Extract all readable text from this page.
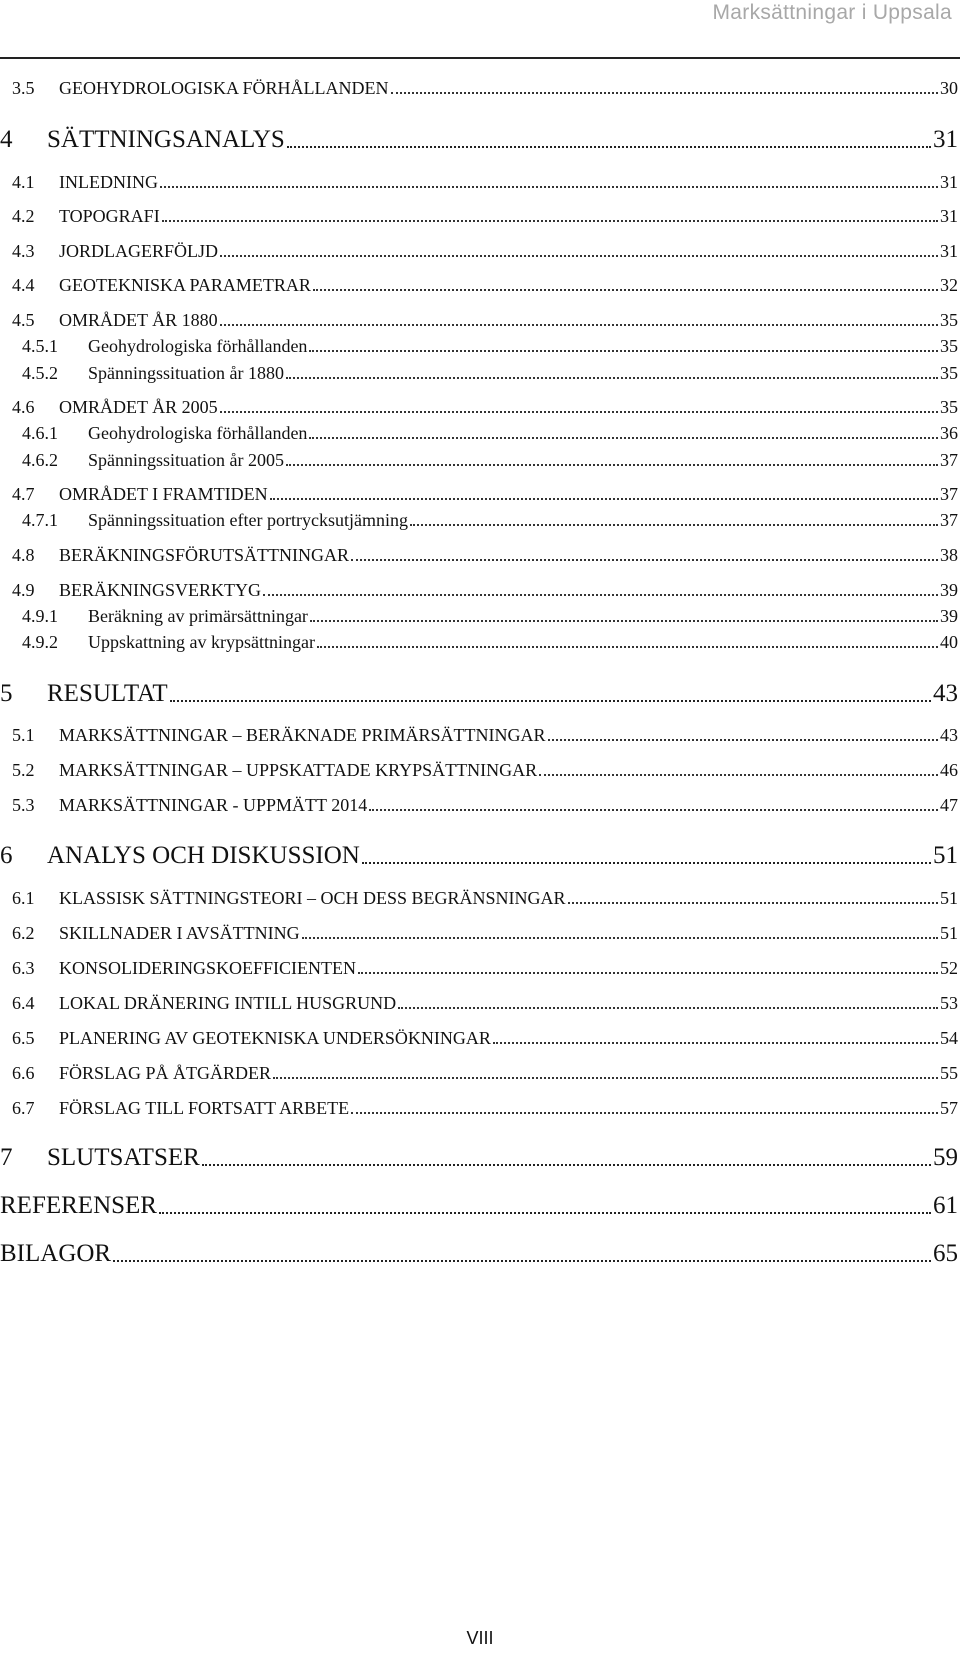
Marksättningar i Uppsala
3.5	GEOHYDROLOGISKA FÖRHÅLLANDEN	30
4	SÄTTNINGSANALYS	31
4.1	INLEDNING	31
4.2	TOPOGRAFI	31
4.3	JORDLAGERFÖLJD	31
4.4	GEOTEKNISKA PARAMETRAR	32
4.5	OMRÅDET ÅR 1880	35
4.5.1	Geohydrologiska förhållanden	35
4.5.2	Spänningssituation år 1880	35
4.6	OMRÅDET ÅR 2005	35
4.6.1	Geohydrologiska förhållanden	36
4.6.2	Spänningssituation år 2005	37
4.7	OMRÅDET I FRAMTIDEN	37
4.7.1	Spänningssituation efter portrycksutjämning	37
4.8	BERÄKNINGSFÖRUTSÄTTNINGAR	38
4.9	BERÄKNINGSVERKTYG	39
4.9.1	Beräkning av primärsättningar	39
4.9.2	Uppskattning av krypsättningar	40
5	RESULTAT	43
5.1	MARKSÄTTNINGAR – BERÄKNADE PRIMÄRSÄTTNINGAR	43
5.2	MARKSÄTTNINGAR – UPPSKATTADE KRYPSÄTTNINGAR	46
5.3	MARKSÄTTNINGAR - UPPMÄTT 2014	47
6	ANALYS OCH DISKUSSION	51
6.1	KLASSISK SÄTTNINGSTEORI – OCH DESS BEGRÄNSNINGAR	51
6.2	SKILLNADER I AVSÄTTNING	51
6.3	KONSOLIDERINGSKOEFFICIENTEN	52
6.4	LOKAL DRÄNERING INTILL HUSGRUND	53
6.5	PLANERING AV GEOTEKNISKA UNDERSÖKNINGAR	54
6.6	FÖRSLAG PÅ ÅTGÄRDER	55
6.7	FÖRSLAG TILL FORTSATT ARBETE	57
7	SLUTSATSER	59
REFERENSER	61
BILAGOR	65
VIII
